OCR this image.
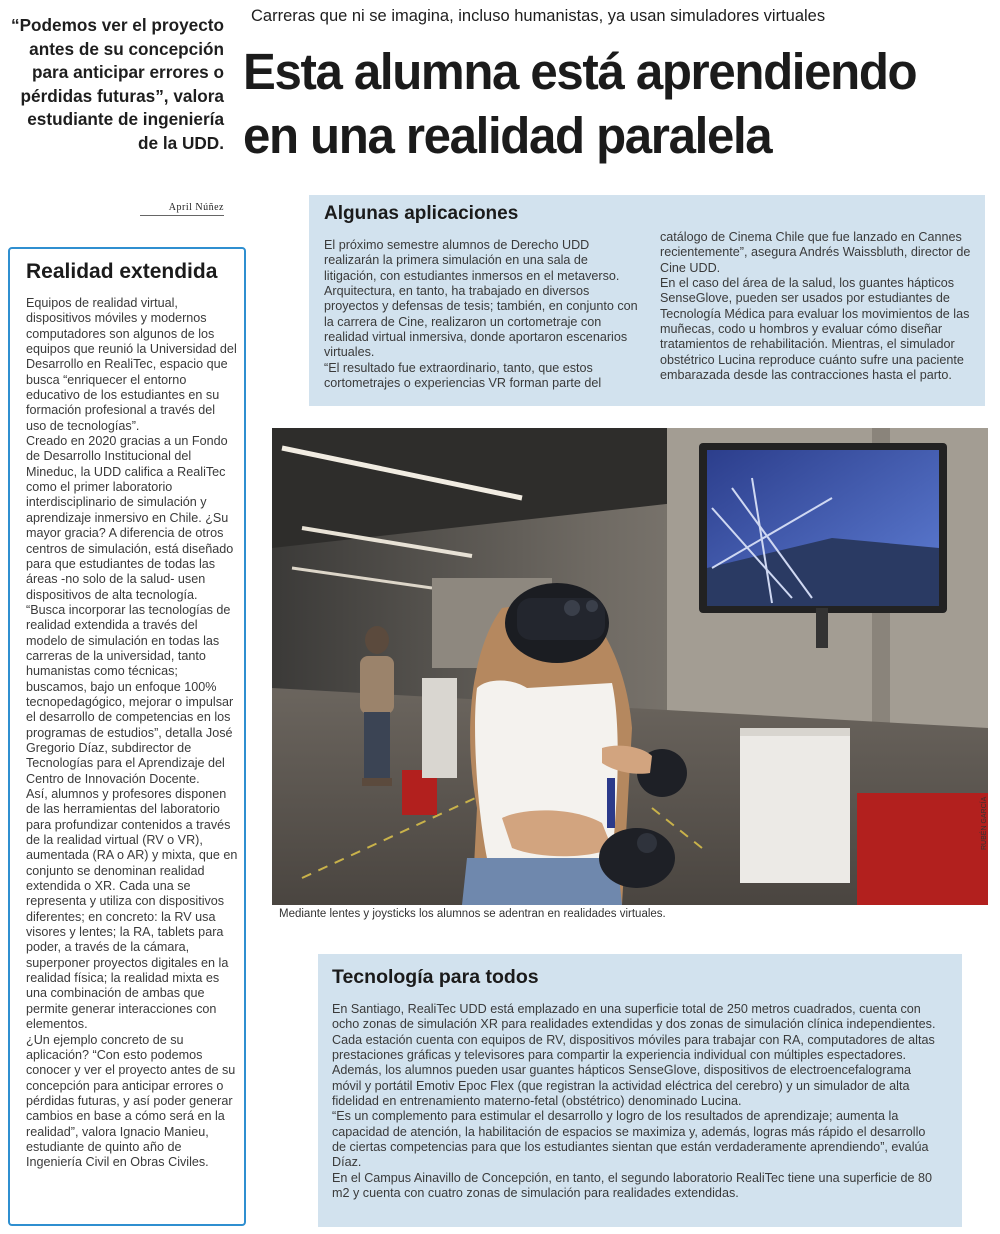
“Podemos ver el proyecto antes de su concepción para anticipar errores o pérdidas futuras”, valora estudiante de ingeniería de la UDD.
April Núñez
Carreras que ni se imagina, incluso humanistas, ya usan simuladores virtuales
Esta alumna está aprendiendo en una realidad paralela
Realidad extendida

Equipos de realidad virtual, dispositivos móviles y modernos computadores son algunos de los equipos que reunió la Universidad del Desarrollo en RealiTec, espacio que busca “enriquecer el entorno educativo de los estudiantes en su formación profesional a través del uso de tecnologías”.

Creado en 2020 gracias a un Fondo de Desarrollo Institucional del Mineduc, la UDD califica a RealiTec como el primer laboratorio interdisciplinario de simulación y aprendizaje inmersivo en Chile. ¿Su mayor gracia? A diferencia de otros centros de simulación, está diseñado para que estudiantes de todas las áreas -no solo de la salud- usen dispositivos de alta tecnología.

“Busca incorporar las tecnologías de realidad extendida a través del modelo de simulación en todas las carreras de la universidad, tanto humanistas como técnicas; buscamos, bajo un enfoque 100% tecnopedagógico, mejorar o impulsar el desarrollo de competencias en los programas de estudios”, detalla José Gregorio Díaz, subdirector de Tecnologías para el Aprendizaje del Centro de Innovación Docente.

Así, alumnos y profesores disponen de las herramientas del laboratorio para profundizar contenidos a través de la realidad virtual (RV o VR), aumentada (RA o AR) y mixta, que en conjunto se denominan realidad extendida o XR. Cada una se representa y utiliza con dispositivos diferentes; en concreto: la RV usa visores y lentes; la RA, tablets para poder, a través de la cámara, superponer proyectos digitales en la realidad física; la realidad mixta es una combinación de ambas que permite generar interacciones con elementos.

¿Un ejemplo concreto de su aplicación? “Con esto podemos conocer y ver el proyecto antes de su concepción para anticipar errores o pérdidas futuras, y así poder generar cambios en base a cómo será en la realidad”, valora Ignacio Manieu, estudiante de quinto año de Ingeniería Civil en Obras Civiles.

Algunas aplicaciones

El próximo semestre alumnos de Derecho UDD realizarán la primera simulación en una sala de litigación, con estudiantes inmersos en el metaverso. Arquitectura, en tanto, ha trabajado en diversos proyectos y defensas de tesis; también, en conjunto con la carrera de Cine, realizaron un cortometraje con realidad virtual inmersiva, donde aportaron escenarios virtuales.

“El resultado fue extraordinario, tanto, que estos cortometrajes o experiencias VR forman parte del

catálogo de Cinema Chile que fue lanzado en Cannes recientemente”, asegura Andrés Waissbluth, director de Cine UDD.

En el caso del área de la salud, los guantes hápticos SenseGlove, pueden ser usados por estudiantes de Tecnología Médica para evaluar los movimientos de las muñecas, codo u hombros y evaluar cómo diseñar tratamientos de rehabilitación. Mientras, el simulador obstétrico Lucina reproduce cuánto sufre una paciente embarazada desde las contracciones hasta el parto.

RUBÉN GARCÍA
Mediante lentes y joysticks los alumnos se adentran en realidades virtuales.
Tecnología para todos

En Santiago, RealiTec UDD está emplazado en una superficie total de 250 metros cuadrados, cuenta con ocho zonas de simulación XR para realidades extendidas y dos zonas de simulación clínica independientes. Cada estación cuenta con equipos de RV, dispositivos móviles para trabajar con RA, computadores de altas prestaciones gráficas y televisores para compartir la experiencia individual con múltiples espectadores.

Además, los alumnos pueden usar guantes hápticos SenseGlove, dispositivos de electroencefalograma móvil y portátil Emotiv Epoc Flex (que registran la actividad eléctrica del cerebro) y un simulador de alta fidelidad en entrenamiento materno-fetal (obstétrico) denominado Lucina.

“Es un complemento para estimular el desarrollo y logro de los resultados de aprendizaje; aumenta la capacidad de atención, la habilitación de espacios se maximiza y, además, logras más rápido el desarrollo de ciertas competencias para que los estudiantes sientan que están verdaderamente aprendiendo”, evalúa Díaz.

En el Campus Ainavillo de Concepción, en tanto, el segundo laboratorio RealiTec tiene una superficie de 80 m2 y cuenta con cuatro zonas de simulación para realidades extendidas.
